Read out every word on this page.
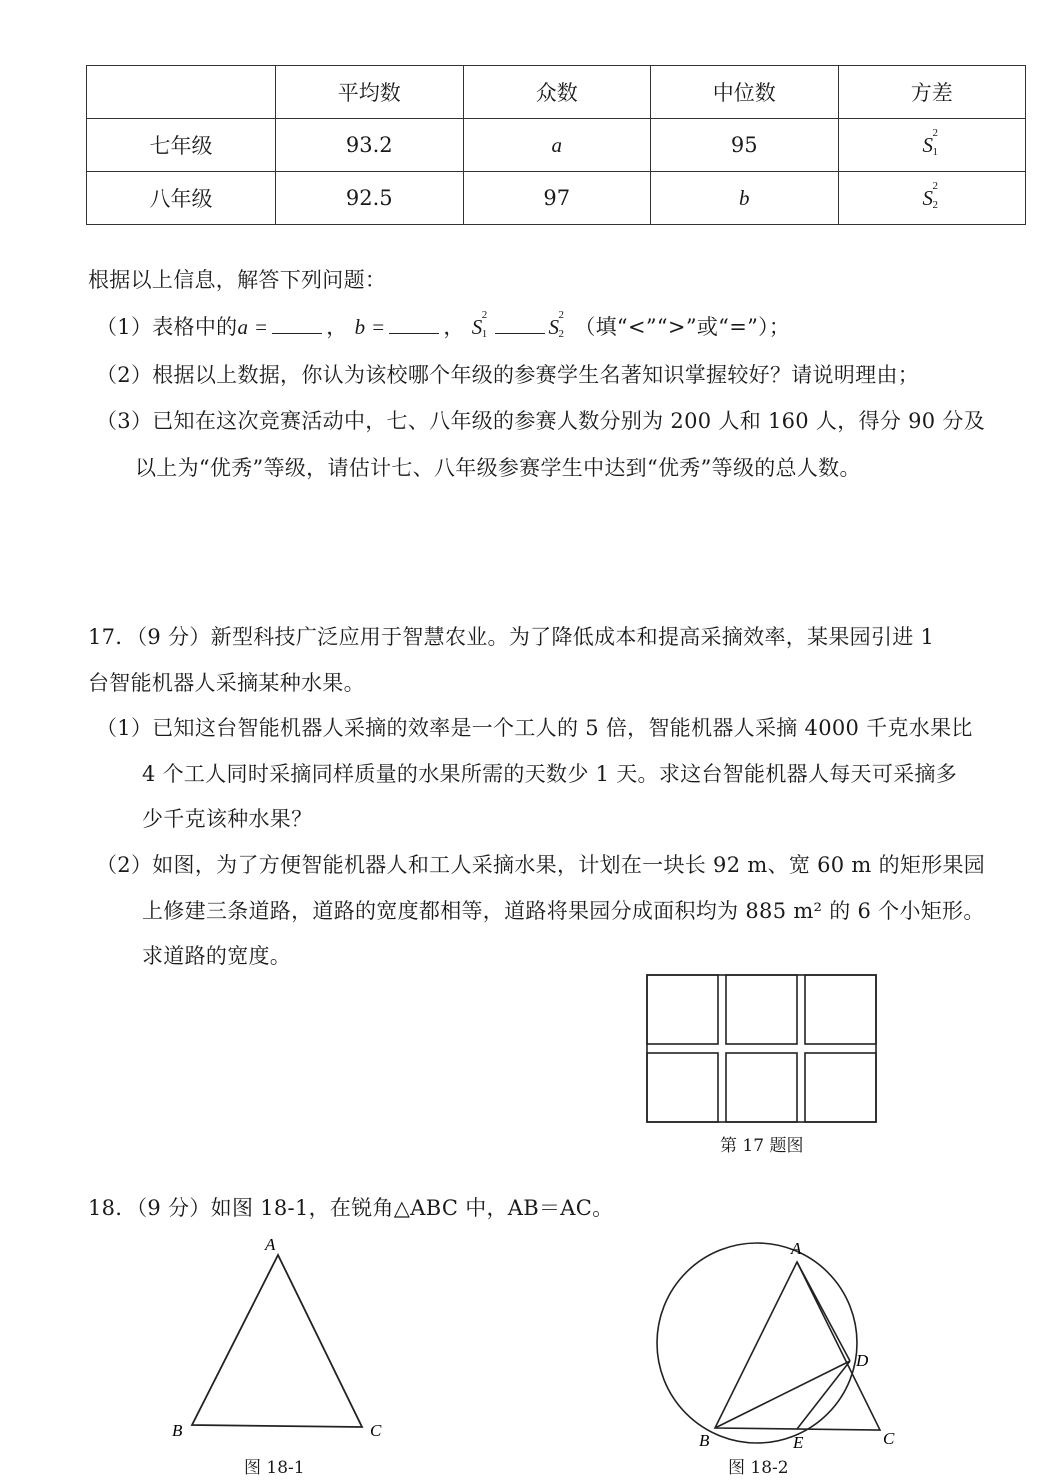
	平均数	众数	中位数	方差
七年级	93.2	a	95	S 2
1

八年级	92.5	97	b	S 2
2
根据以上信息，解答下列问题：
（1）表格中的a =	， b =	， S 2
1	S 2
2 （填“<”“>”或“=”）；
（2）根据以上数据，你认为该校哪个年级的参赛学生名著知识掌握较好？请说明理由；
（3）已知在这次竞赛活动中，七、八年级的参赛人数分别为 200 人和 160 人，得分 90 分及
以上为“优秀”等级，请估计七、八年级参赛学生中达到“优秀”等级的总人数。
17．（9 分）新型科技广泛应用于智慧农业。为了降低成本和提高采摘效率，某果园引进 1
台智能机器人采摘某种水果。
（1）已知这台智能机器人采摘的效率是一个工人的 5 倍，智能机器人采摘 4000 千克水果比
4 个工人同时采摘同样质量的水果所需的天数少 1 天。求这台智能机器人每天可采摘多
少千克该种水果？
（2）如图，为了方便智能机器人和工人采摘水果，计划在一块长 92 m、宽 60 m 的矩形果园
上修建三条道路，道路的宽度都相等，道路将果园分成面积均为 885 m² 的 6 个小矩形。
求道路的宽度。
第 17 题图
18．（9 分）如图 18-1，在锐角△ABC 中，AB＝AC。
A
B	C
图 18-1
A
B	C
D
E
图 18-2
